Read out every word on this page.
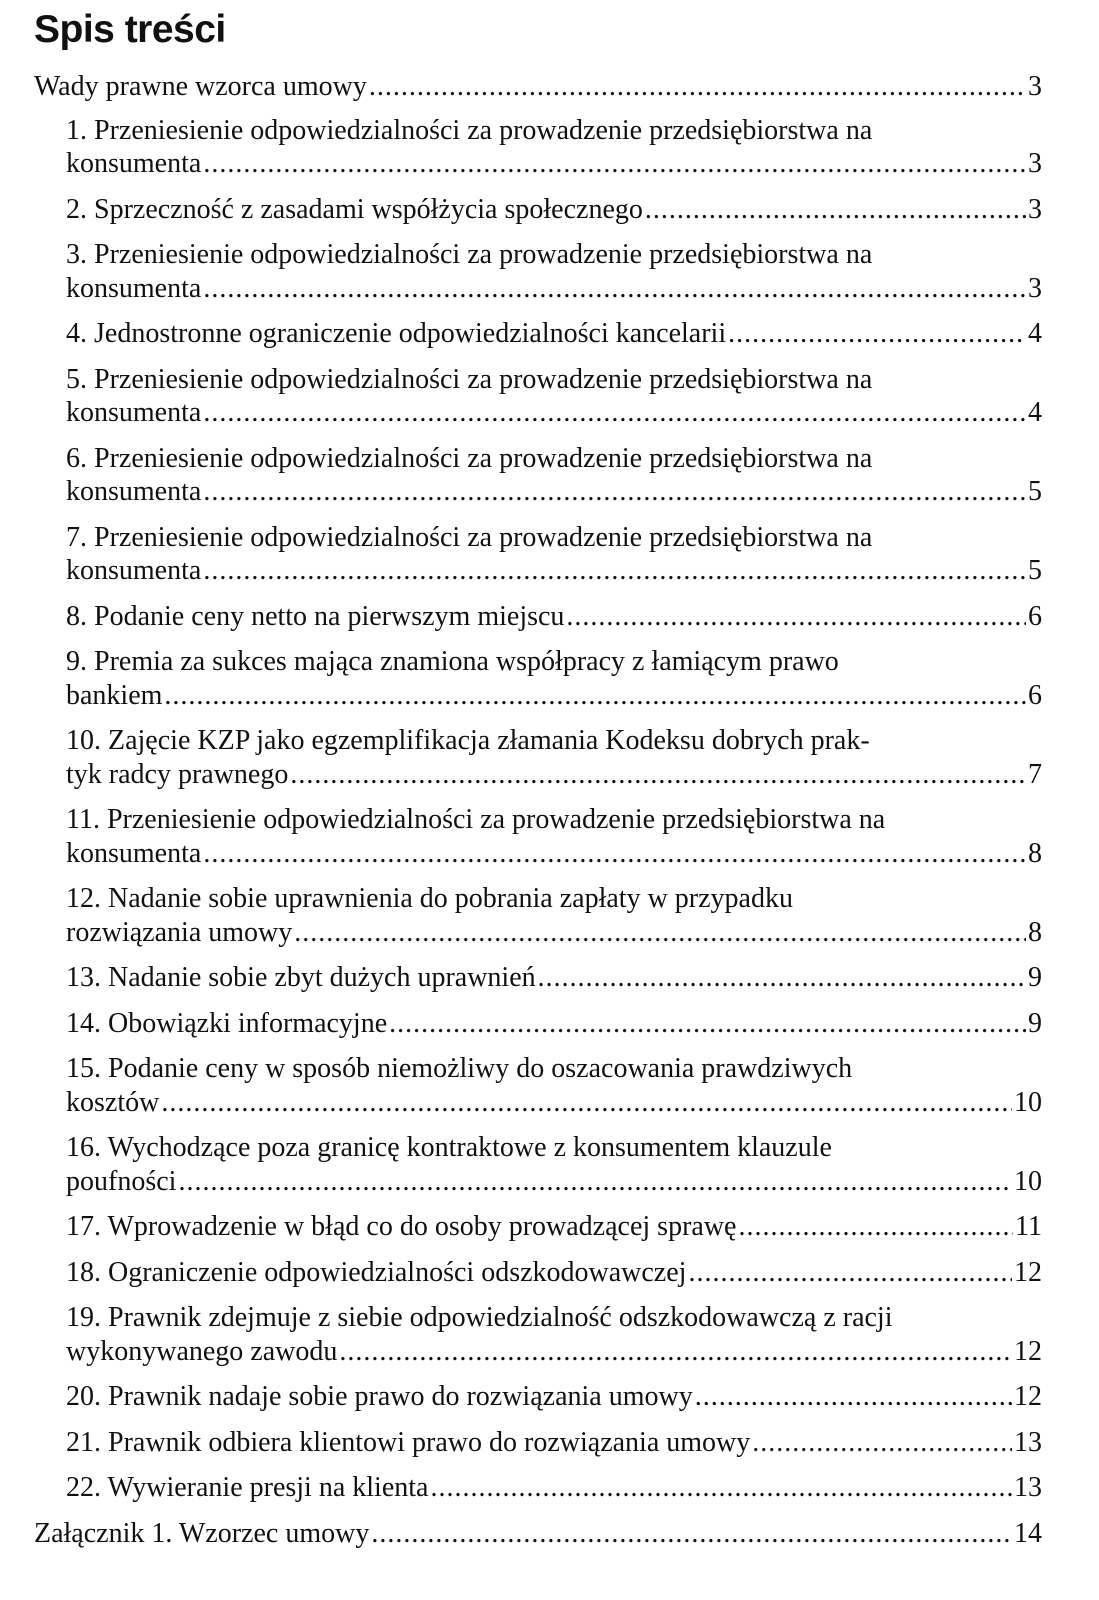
Spis treści
Wady prawne wzorca umowy .....	3
1. Przeniesienie odpowiedzialności za prowadzenie przedsiębiorstwa na
konsumenta .....	3
2. Sprzeczność z zasadami współżycia społecznego .....	3
3. Przeniesienie odpowiedzialności za prowadzenie przedsiębiorstwa na
konsumenta .....	3
4. Jednostronne ograniczenie odpowiedzialności kancelarii .....	4
5. Przeniesienie odpowiedzialności za prowadzenie przedsiębiorstwa na
konsumenta .....	4
6. Przeniesienie odpowiedzialności za prowadzenie przedsiębiorstwa na
konsumenta .....	5
7. Przeniesienie odpowiedzialności za prowadzenie przedsiębiorstwa na
konsumenta .....	5
8. Podanie ceny netto na pierwszym miejscu .....	6
9. Premia za sukces mająca znamiona współpracy z łamiącym prawo
bankiem .....	6
10. Zajęcie KZP jako egzemplifikacja złamania Kodeksu dobrych prak-
tyk radcy prawnego .....	7
11. Przeniesienie odpowiedzialności za prowadzenie przedsiębiorstwa na
konsumenta .....	8
12. Nadanie sobie uprawnienia do pobrania zapłaty w przypadku
rozwiązania umowy .....	8
13. Nadanie sobie zbyt dużych uprawnień .....	9
14. Obowiązki informacyjne .....	9
15. Podanie ceny w sposób niemożliwy do oszacowania prawdziwych
kosztów .....	10
16. Wychodzące poza granicę kontraktowe z konsumentem klauzule
poufności .....	10
17. Wprowadzenie w błąd co do osoby prowadzącej sprawę .....	11
18. Ograniczenie odpowiedzialności odszkodowawczej .....	12
19. Prawnik zdejmuje z siebie odpowiedzialność odszkodowawczą z racji
wykonywanego zawodu .....	12
20. Prawnik nadaje sobie prawo do rozwiązania umowy .....	12
21. Prawnik odbiera klientowi prawo do rozwiązania umowy .....	13
22. Wywieranie presji na klienta .....	13
Załącznik 1. Wzorzec umowy .....	14
